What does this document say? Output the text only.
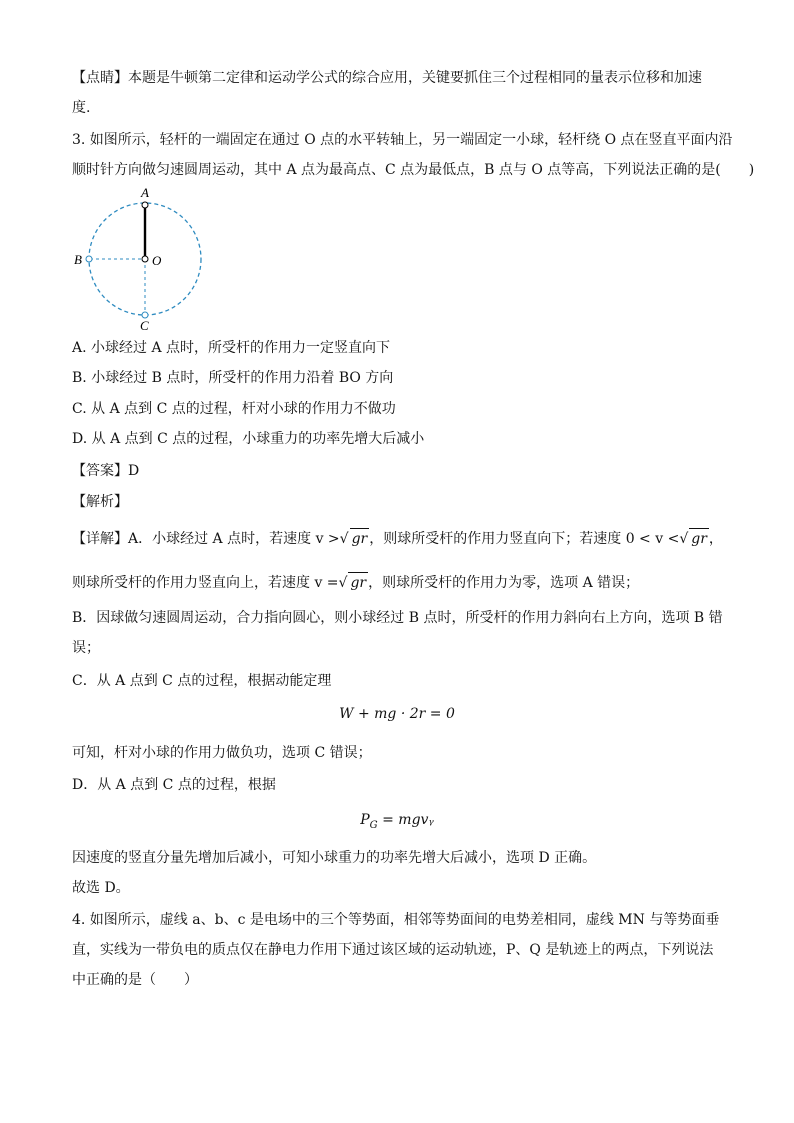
【点睛】本题是牛顿第二定律和运动学公式的综合应用，关键要抓住三个过程相同的量表示位移和加速
度.
3. 如图所示，轻杆的一端固定在通过 O 点的水平转轴上，另一端固定一小球，轻杆绕 O 点在竖直平面内沿
顺时针方向做匀速圆周运动，其中 A 点为最高点、C 点为最低点，B 点与 O 点等高，下列说法正确的是(　　)
A
B
C
O
A. 小球经过 A 点时，所受杆的作用力一定竖直向下
B. 小球经过 B 点时，所受杆的作用力沿着 BO 方向
C. 从 A 点到 C 点的过程，杆对小球的作用力不做功
D. 从 A 点到 C 点的过程，小球重力的功率先增大后减小
【答案】D
【解析】
【详解】A．小球经过 A 点时，若速度 v >√ gr ，则球所受杆的作用力竖直向下；若速度 0 < v <√ gr ，
则球所受杆的作用力竖直向上，若速度 v =√ gr ，则球所受杆的作用力为零，选项 A 错误；
B．因球做匀速圆周运动，合力指向圆心，则小球经过 B 点时，所受杆的作用力斜向右上方向，选项 B 错
误；
C．从 A 点到 C 点的过程，根据动能定理
W + mg · 2r = 0
可知，杆对小球的作用力做负功，选项 C 错误；
D．从 A 点到 C 点的过程，根据
$P_G$ = mgvᵧ
因速度的竖直分量先增加后减小，可知小球重力的功率先增大后减小，选项 D 正确。
故选 D。
4. 如图所示，虚线 a、b、c 是电场中的三个等势面，相邻等势面间的电势差相同，虚线 MN 与等势面垂
直，实线为一带负电的质点仅在静电力作用下通过该区域的运动轨迹，P、Q 是轨迹上的两点，下列说法
中正确的是（　　）
